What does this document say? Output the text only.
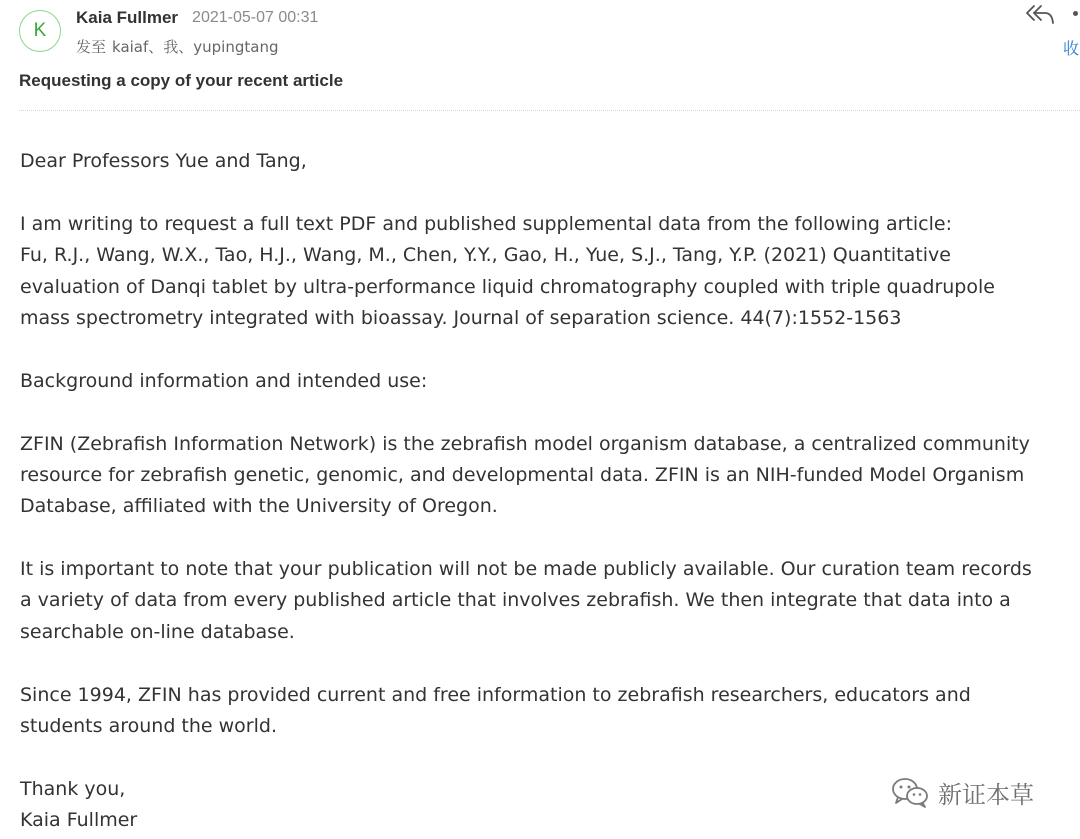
K
Kaia Fullmer 2021-05-07 00:31
发至 kaiaf、我、yupingtang
Requesting a copy of your recent article
收
Dear Professors Yue and Tang,
I am writing to request a full text PDF and published supplemental data from the following article:
Fu, R.J., Wang, W.X., Tao, H.J., Wang, M., Chen, Y.Y., Gao, H., Yue, S.J., Tang, Y.P. (2021) Quantitative
evaluation of Danqi tablet by ultra-performance liquid chromatography coupled with triple quadrupole
mass spectrometry integrated with bioassay. Journal of separation science. 44(7):1552-1563
Background information and intended use:
ZFIN (Zebrafish Information Network) is the zebrafish model organism database, a centralized community
resource for zebrafish genetic, genomic, and developmental data. ZFIN is an NIH-funded Model Organism
Database, affiliated with the University of Oregon.
It is important to note that your publication will not be made publicly available. Our curation team records
a variety of data from every published article that involves zebrafish. We then integrate that data into a
searchable on-line database.
Since 1994, ZFIN has provided current and free information to zebrafish researchers, educators and
students around the world.
Thank you,
Kaia Fullmer
新证本草
